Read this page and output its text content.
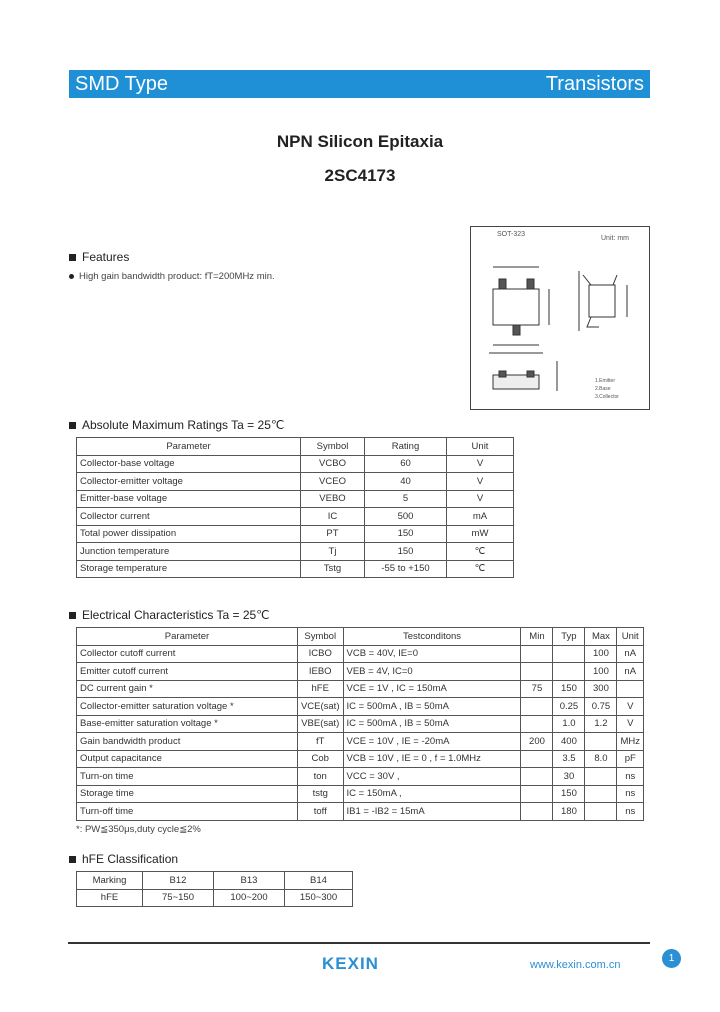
SMD Type	Transistors
NPN Silicon Epitaxia
2SC4173
Features
High gain bandwidth product: fT=200MHz min.
SOT-323
Unit: mm
1.Emitter
2.Base
3.Collector
Absolute Maximum Ratings Ta = 25℃
Parameter	Symbol	Rating	Unit
Collector-base voltage	VCBO	60	V
Collector-emitter voltage	VCEO	40	V
Emitter-base voltage	VEBO	5	V
Collector current	IC	500	mA
Total power dissipation	PT	150	mW
Junction temperature	Tj	150	℃
Storage temperature	Tstg	-55 to +150	℃
Electrical Characteristics Ta = 25℃
Parameter	Symbol	Testconditons	Min	Typ	Max	Unit
Collector cutoff current	ICBO	VCB = 40V, IE=0			100	nA
Emitter cutoff current	IEBO	VEB = 4V, IC=0			100	nA
DC current gain *	hFE	VCE = 1V , IC = 150mA	75	150	300	
Collector-emitter saturation voltage *	VCE(sat)	IC = 500mA , IB = 50mA		0.25	0.75	V
Base-emitter saturation voltage *	VBE(sat)	IC = 500mA , IB = 50mA		1.0	1.2	V
Gain bandwidth product	fT	VCE = 10V , IE = -20mA	200	400		MHz
Output capacitance	Cob	VCB = 10V , IE = 0 , f = 1.0MHz		3.5	8.0	pF
Turn-on time	ton	VCC = 30V ,		30		ns
Storage time	tstg	IC = 150mA ,		150		ns
Turn-off time	toff	IB1 = -IB2 = 15mA		180		ns
*: PW≦350μs,duty cycle≦2%
hFE Classification
Marking	B12	B13	B14
hFE	75~150	100~200	150~300
KEXIN	www.kexin.com.cn
1
